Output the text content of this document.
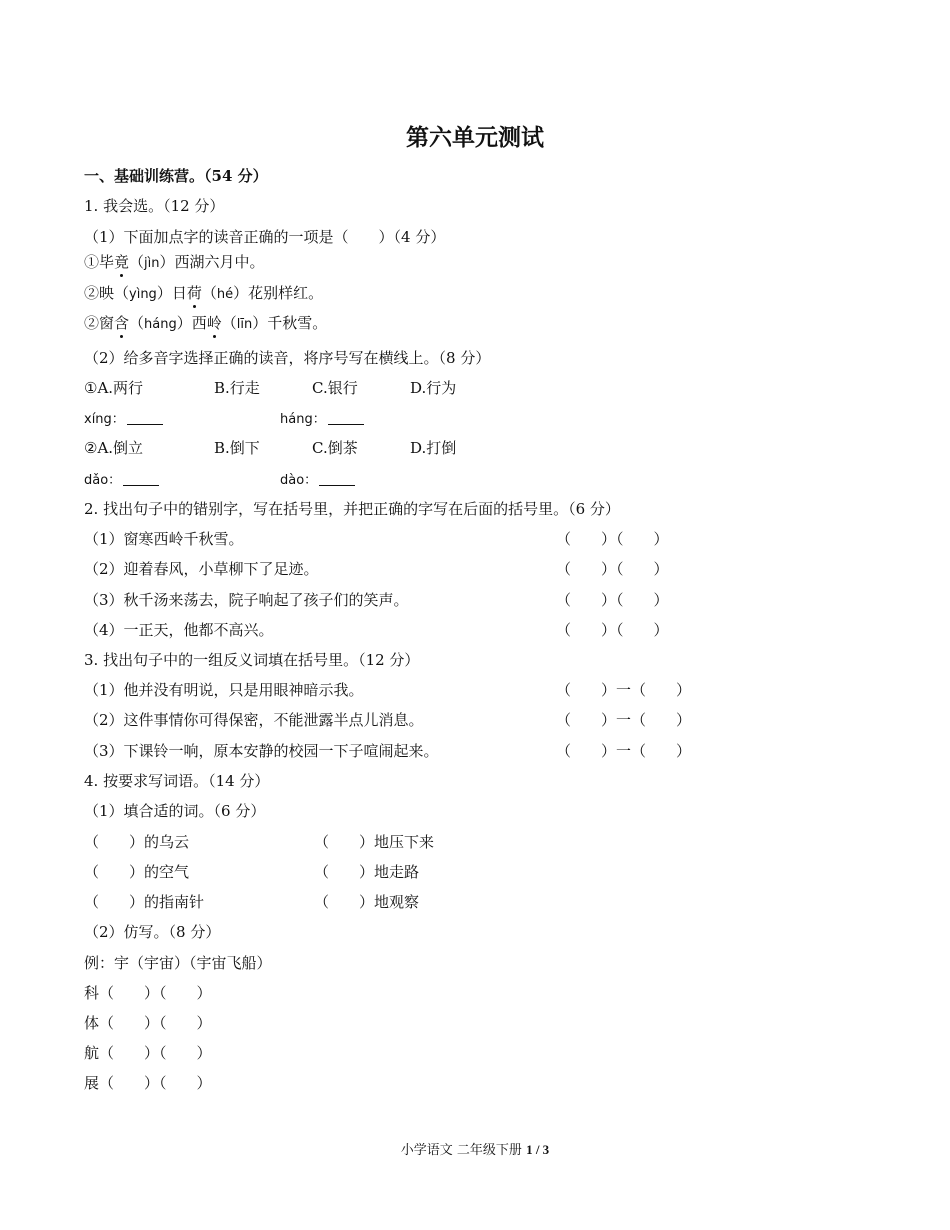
第六单元测试
一、基础训练营。（54 分）
1. 我会选。（12 分）
（1）下面加点字的读音正确的一项是（　　）（4 分）
①毕竟（jìn）西湖六月中。
②映（yìng）日荷（hé）花别样红。
②窗含（háng）西岭（līn）千秋雪。
（2）给多音字选择正确的读音，将序号写在横线上。（8 分）
①A.两行	B.行走	C.银行	D.行为
xíng：	háng：
②A.倒立	B.倒下	C.倒茶	D.打倒
dǎo：	dào：
2. 找出句子中的错别字，写在括号里，并把正确的字写在后面的括号里。（6 分）
（1）窗寒西岭千秋雪。	（　　）（　　）
（2）迎着春风，小草柳下了足迹。	（　　）（　　）
（3）秋千汤来荡去，院子响起了孩子们的笑声。	（　　）（　　）
（4）一正天，他都不高兴。	（　　）（　　）
3. 找出句子中的一组反义词填在括号里。（12 分）
（1）他并没有明说，只是用眼神暗示我。	（　　）一（　　）
（2）这件事情你可得保密，不能泄露半点儿消息。	（　　）一（　　）
（3）下课铃一响，原本安静的校园一下子喧闹起来。	（　　）一（　　）
4. 按要求写词语。（14 分）
（1）填合适的词。（6 分）
（　　）的乌云	（　　）地压下来
（　　）的空气	（　　）地走路
（　　）的指南针	（　　）地观察
（2）仿写。（8 分）
例：宇（宇宙）（宇宙飞船）
科（　　）（　　）
体（　　）（　　）
航（　　）（　　）
展（　　）（　　）
小学语文 二年级下册 1 / 3
